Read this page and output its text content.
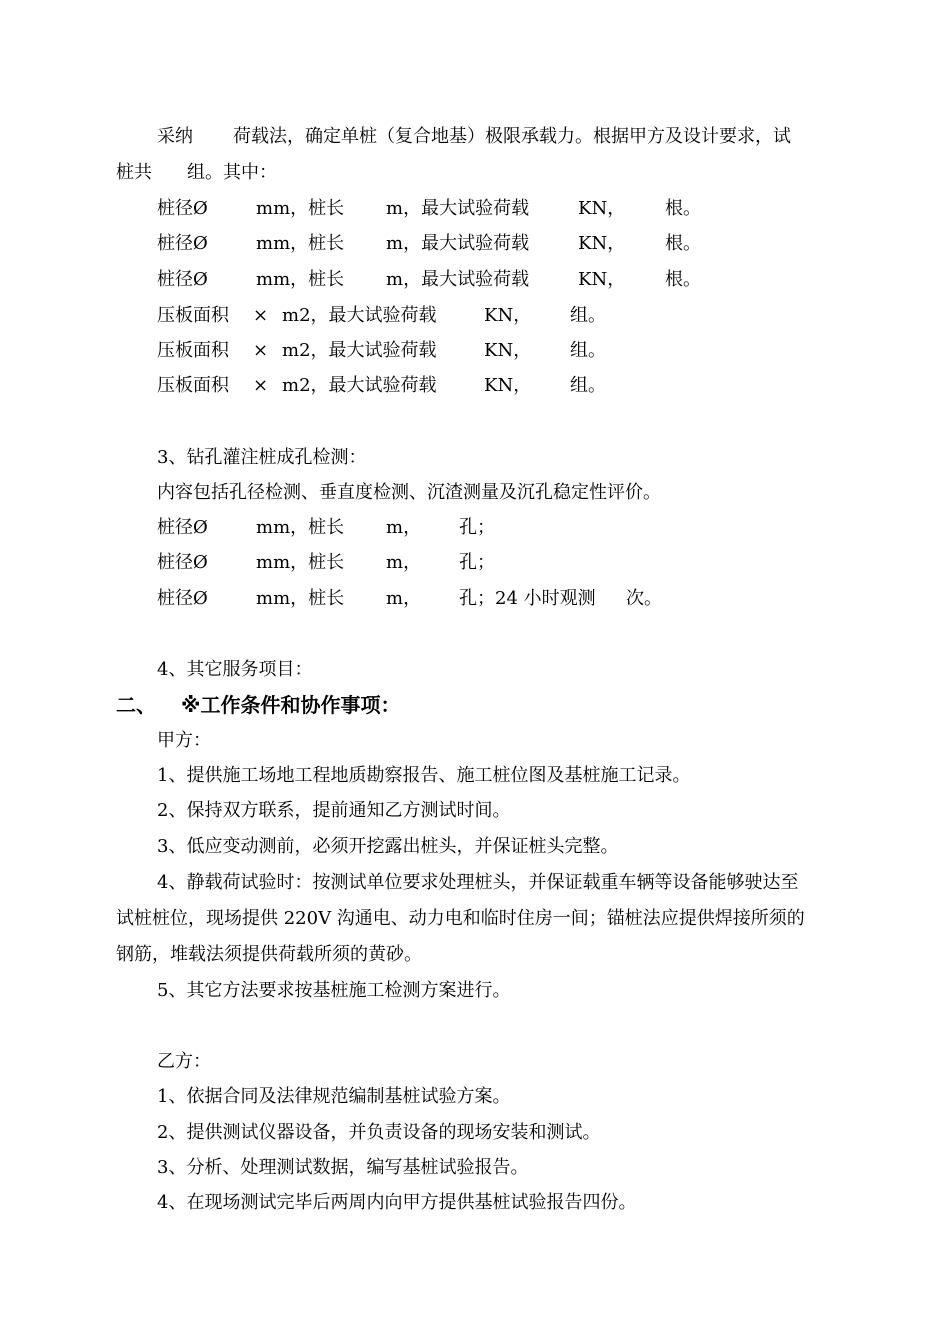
采纳 荷载法，确定单桩（复合地基）极限承载力。根据甲方及设计要求，试
桩共 组。其中：
桩径Ø	mm，桩长 m，最大试验荷载	KN， 根。
桩径Ø	mm，桩长 m，最大试验荷载	KN， 根。
桩径Ø	mm，桩长 m，最大试验荷载	KN， 根。
压板面积 × m2，最大试验荷载	KN， 组。
压板面积 × m2，最大试验荷载	KN， 组。
压板面积 × m2，最大试验荷载	KN， 组。
3、钻孔灌注桩成孔检测：
内容包括孔径检测、垂直度检测、沉渣测量及沉孔稳定性评价。
桩径Ø	mm，桩长 m， 孔；
桩径Ø	mm，桩长 m， 孔；
桩径Ø	mm，桩长 m， 孔；24 小时观测 次。
4、其它服务项目：
二、 ※工作条件和协作事项：
甲方：
1、提供施工场地工程地质勘察报告、施工桩位图及基桩施工记录。
2、保持双方联系，提前通知乙方测试时间。
3、低应变动测前，必须开挖露出桩头，并保证桩头完整。
4、静载荷试验时：按测试单位要求处理桩头，并保证载重车辆等设备能够驶达至
试桩桩位，现场提供 220V 沟通电、动力电和临时住房一间；锚桩法应提供焊接所须的
钢筋，堆载法须提供荷载所须的黄砂。
5、其它方法要求按基桩施工检测方案进行。
乙方：
1、依据合同及法律规范编制基桩试验方案。
2、提供测试仪器设备，并负责设备的现场安装和测试。
3、分析、处理测试数据，编写基桩试验报告。
4、在现场测试完毕后两周内向甲方提供基桩试验报告四份。
